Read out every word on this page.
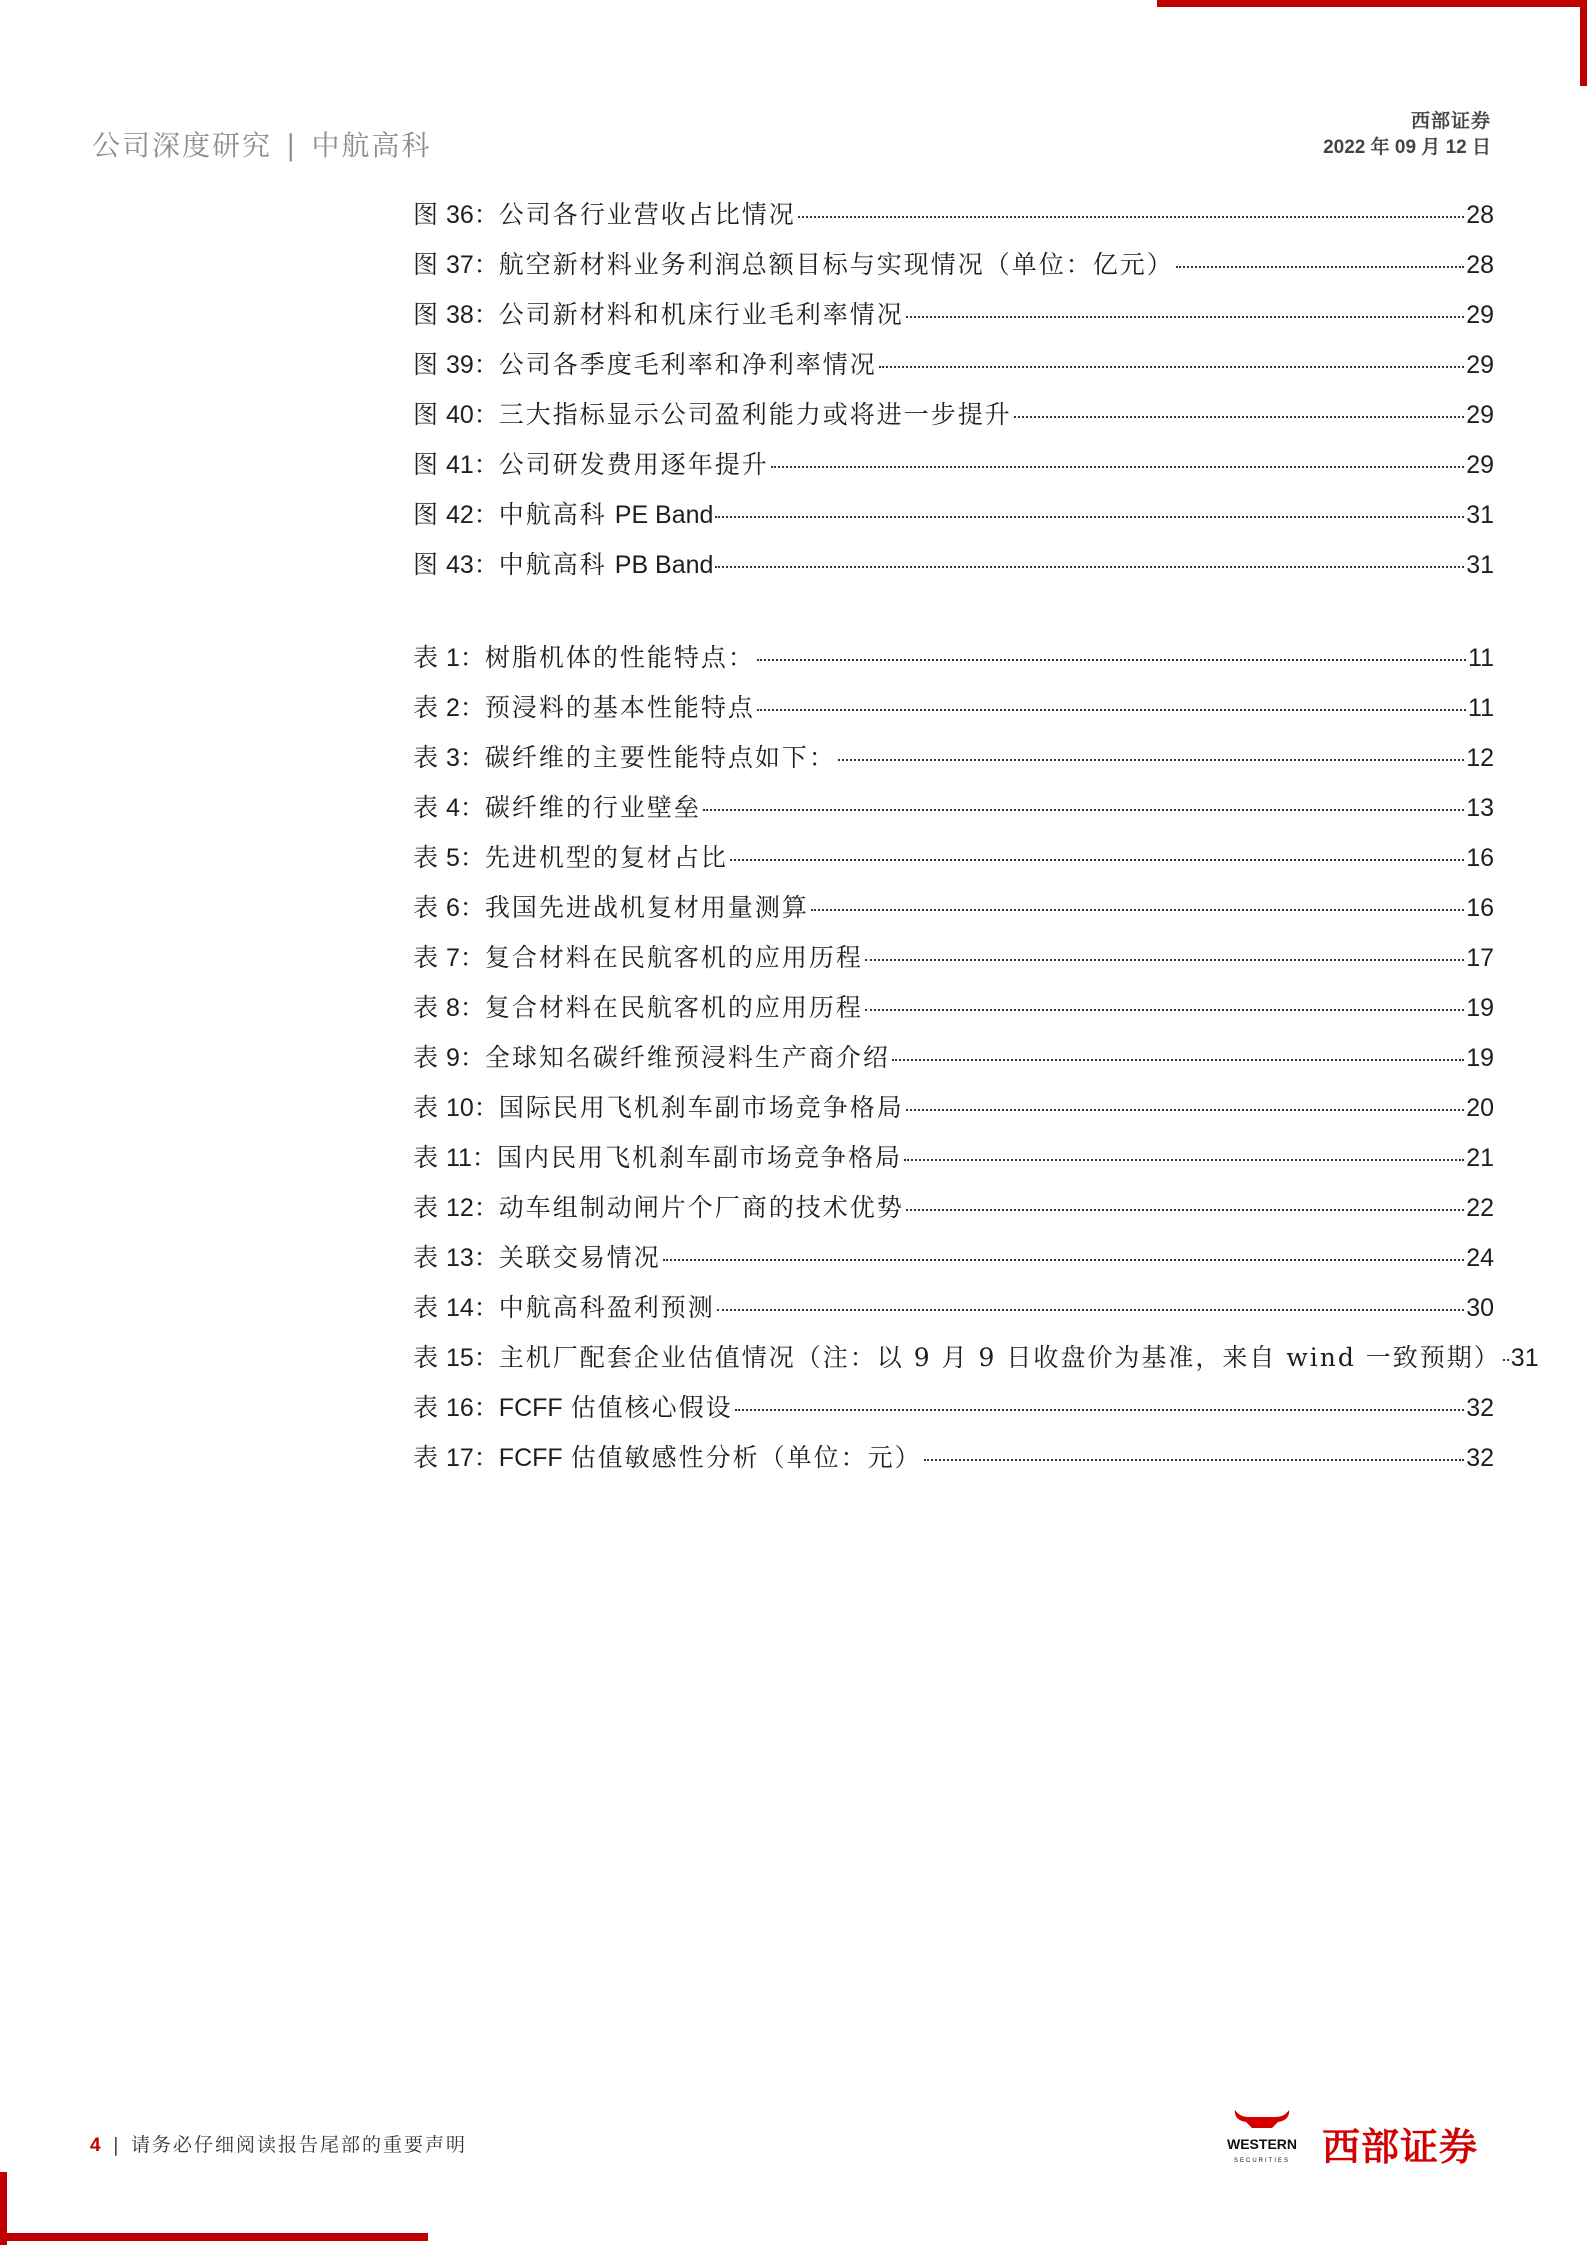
公司深度研究 | 中航高科
西部证券
2022 年 09 月 12 日
图 36：公司各行业营收占比情况	28
图 37：航空新材料业务利润总额目标与实现情况（单位：亿元）	28
图 38：公司新材料和机床行业毛利率情况	29
图 39：公司各季度毛利率和净利率情况	29
图 40：三大指标显示公司盈利能力或将进一步提升	29
图 41：公司研发费用逐年提升	29
图 42：中航高科 PE Band	31
图 43：中航高科 PB Band	31
表 1：树脂机体的性能特点：	11
表 2：预浸料的基本性能特点	11
表 3：碳纤维的主要性能特点如下：	12
表 4：碳纤维的行业壁垒	13
表 5：先进机型的复材占比	16
表 6：我国先进战机复材用量测算	16
表 7：复合材料在民航客机的应用历程	17
表 8：复合材料在民航客机的应用历程	19
表 9：全球知名碳纤维预浸料生产商介绍	19
表 10：国际民用飞机刹车副市场竞争格局	20
表 11：国内民用飞机刹车副市场竞争格局	21
表 12：动车组制动闸片个厂商的技术优势	22
表 13：关联交易情况	24
表 14：中航高科盈利预测	30
表 15：主机厂配套企业估值情况（注：以 9 月 9 日收盘价为基准，来自 wind 一致预期） 31
表 16：FCFF 估值核心假设	32
表 17：FCFF 估值敏感性分析（单位：元）	32
4 | 请务必仔细阅读报告尾部的重要声明	WESTERN
SECURITIES 西部证券
